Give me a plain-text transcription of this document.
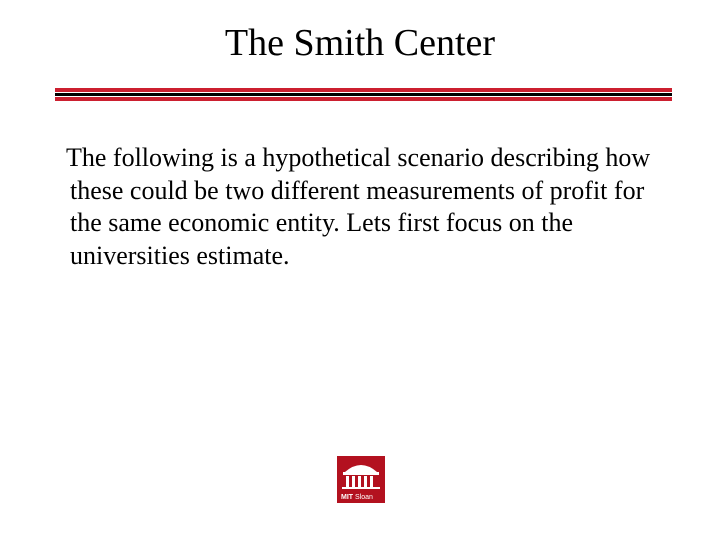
The Smith Center
The following is a hypothetical scenario describing how these could be two different measurements of profit for the same economic entity. Lets first focus on the universities estimate.
MIT Sloan
